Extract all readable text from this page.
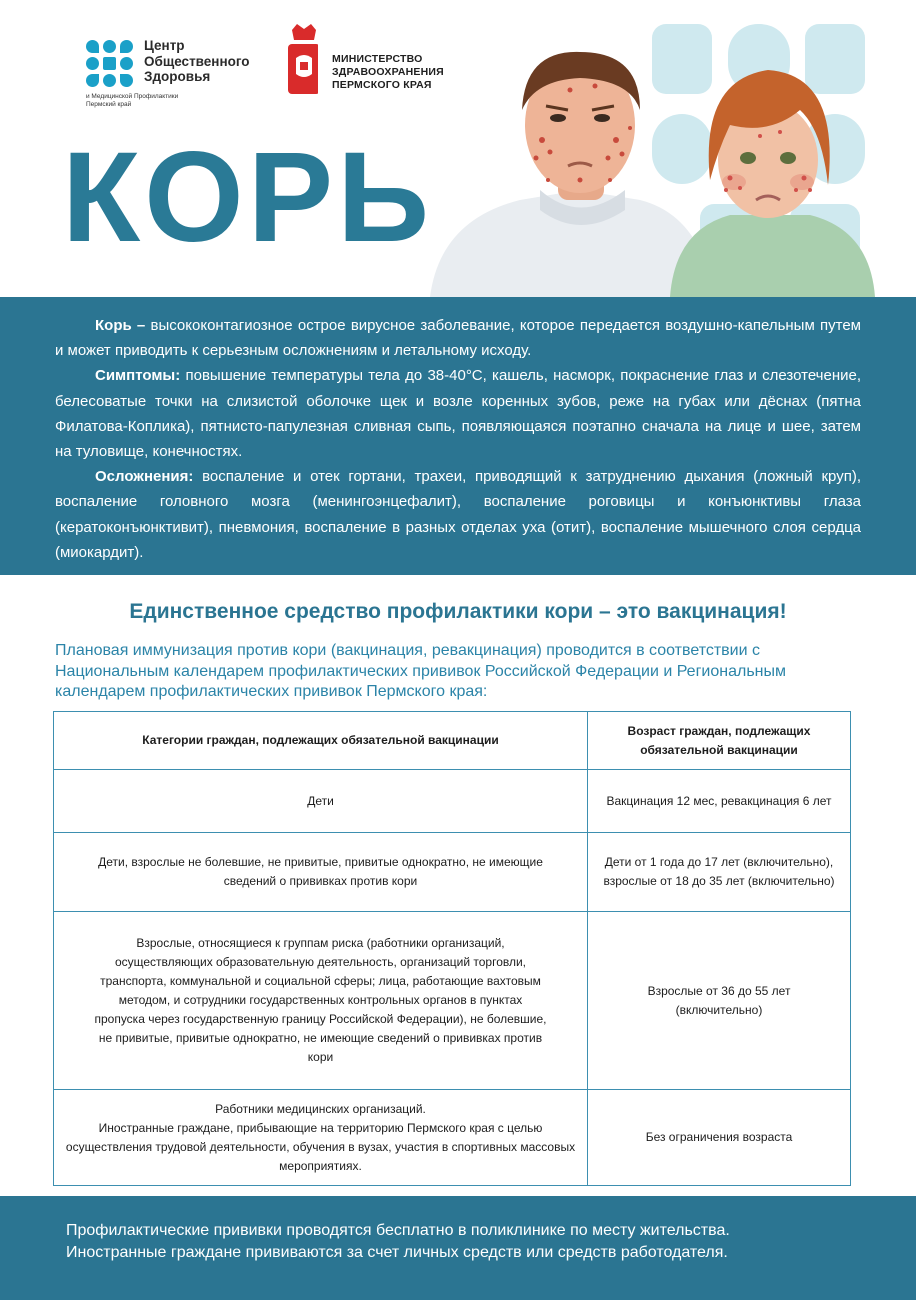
Центр Общественного Здоровья
и Медицинской Профилактики Пермский край
МИНИСТЕРСТВО ЗДРАВООХРАНЕНИЯ ПЕРМСКОГО КРАЯ
КОРЬ

Корь – высококонтагиозное острое вирусное заболевание, которое передается воздушно-капельным путем и может приводить к серьезным осложнениям и летальному исходу.

Симптомы: повышение температуры тела до 38-40°С, кашель, насморк, покраснение глаз и слезотечение, белесоватые точки на слизистой оболочке щек и возле коренных зубов, реже на губах или дёснах (пятна Филатова-Коплика), пятнисто-папулезная сливная сыпь, появляющаяся поэтапно сначала на лице и шее, затем на туловище, конечностях.

Осложнения: воспаление и отек гортани, трахеи, приводящий к затруднению дыхания (ложный круп), воспаление головного мозга (менингоэнцефалит), воспаление роговицы и конъюнктивы глаза (кератоконъюнктивит), пневмония, воспаление в разных отделах уха (отит), воспаление мышечного слоя сердца (миокардит).

Единственное средство профилактики кори – это вакцинация!
Плановая иммунизация против кори (вакцинация, ревакцинация) проводится в соответствии с Национальным календарем профилактических прививок Российской Федерации и Региональным календарем профилактических прививок Пермского края:
Категории граждан, подлежащих обязательной вакцинации	Возраст граждан, подлежащих обязательной вакцинации
Дети	Вакцинация 12 мес, ревакцинация 6 лет
Дети, взрослые не болевшие, не привитые, привитые однократно, не имеющие сведений о прививках против кори	Дети от 1 года до 17 лет (включительно), взрослые от 18 до 35 лет (включительно)
Взрослые, относящиеся к группам риска (работники организаций, осуществляющих образовательную деятельность, организаций торговли, транспорта, коммунальной и социальной сферы; лица, работающие вахтовым методом, и сотрудники государственных контрольных органов в пунктах пропуска через государственную границу Российской Федерации), не болевшие, не привитые, привитые однократно, не имеющие сведений о прививках против кори	Взрослые от 36 до 55 лет (включительно)

Работники медицинских организаций.
Иностранные граждане, прибывающие на территорию Пермского края с целью осуществления трудовой деятельности, обучения в вузах, участия в спортивных массовых мероприятиях.	Без ограничения возраста
Профилактические прививки проводятся бесплатно в поликлинике по месту жительства.
Иностранные граждане прививаются за счет личных средств или средств работодателя.
